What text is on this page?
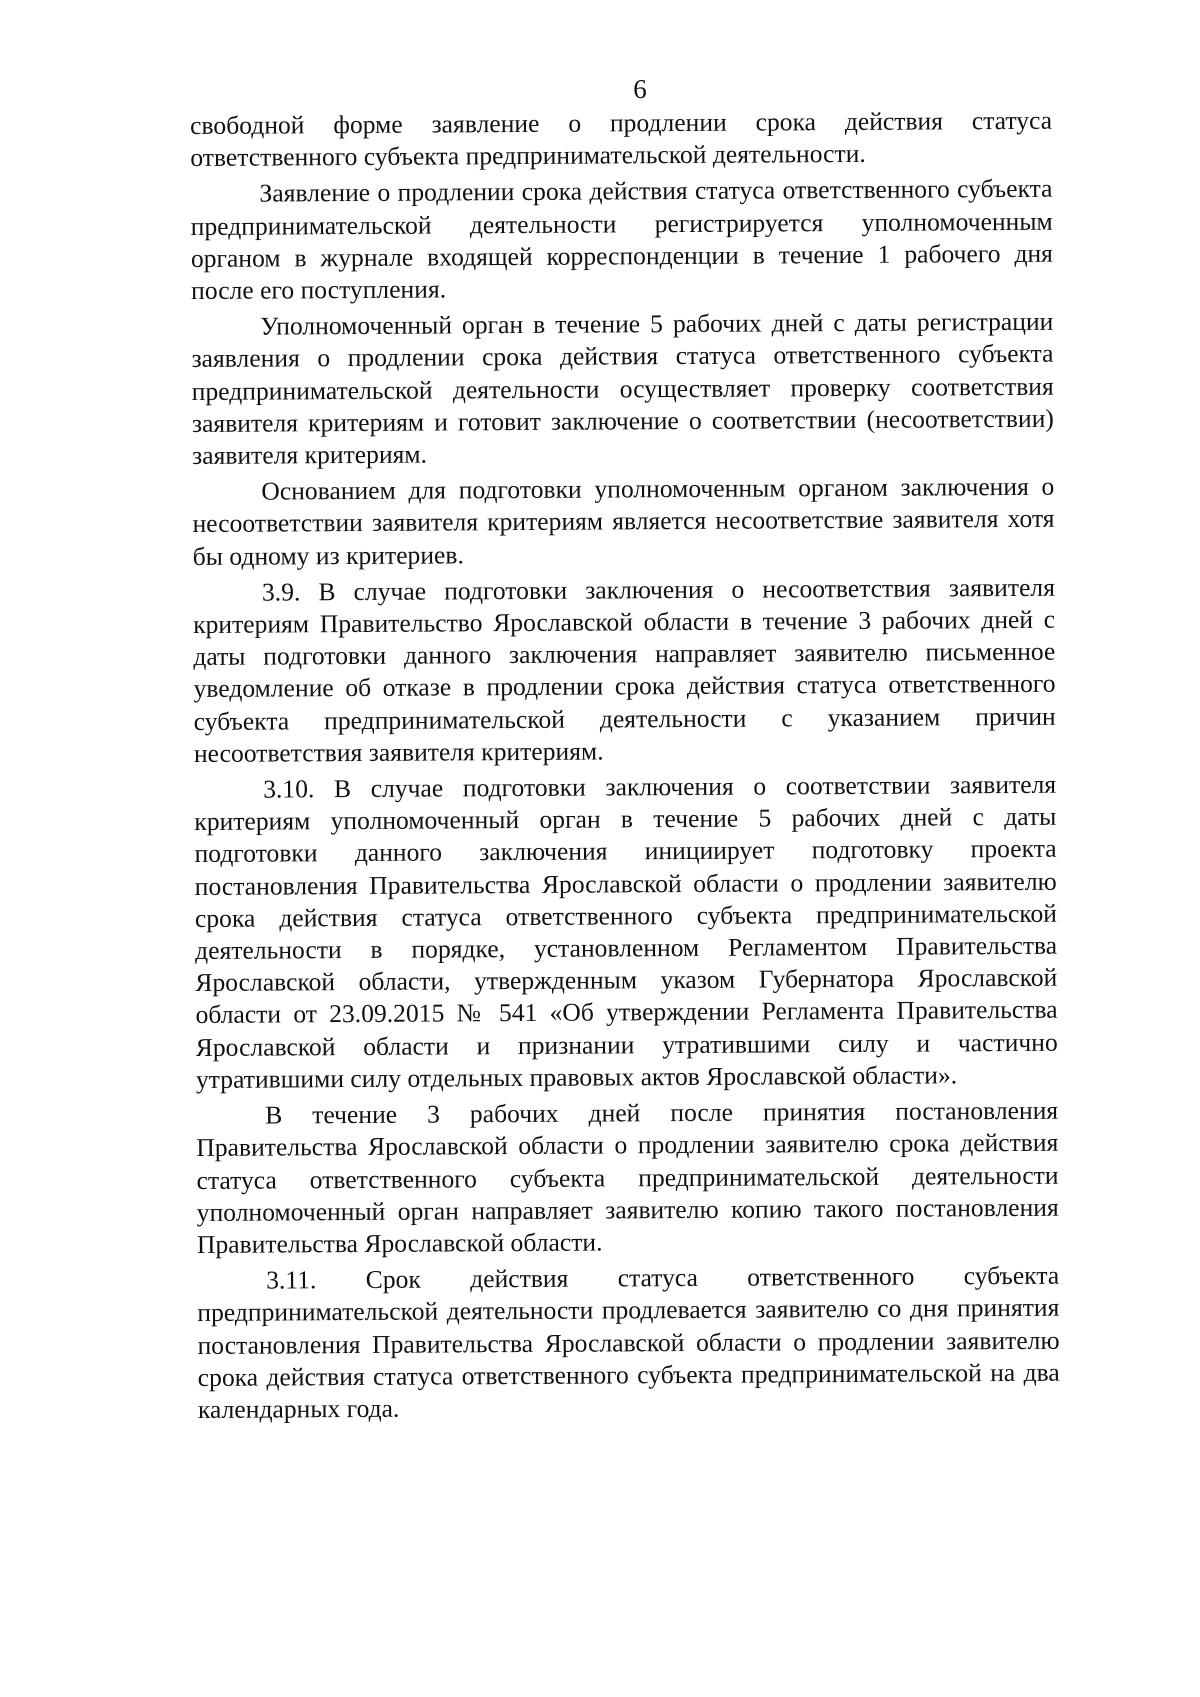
6

свободной форме заявление о продлении срока действия статуса ответственного субъекта предпринимательской деятельности.

Заявление о продлении срока действия статуса ответственного субъекта предпринимательской деятельности регистрируется уполномоченным органом в журнале входящей корреспонденции в течение 1 рабочего дня после его поступления.

Уполномоченный орган в течение 5 рабочих дней с даты регистрации заявления о продлении срока действия статуса ответственного субъекта предпринимательской деятельности осуществляет проверку соответствия заявителя критериям и готовит заключение о соответствии (несоответствии) заявителя критериям.

Основанием для подготовки уполномоченным органом заключения о несоответствии заявителя критериям является несоответствие заявителя хотя бы одному из критериев.

3.9. В случае подготовки заключения о несоответствия заявителя критериям Правительство Ярославской области в течение 3 рабочих дней с даты подготовки данного заключения направляет заявителю письменное уведомление об отказе в продлении срока действия статуса ответственного субъекта предпринимательской деятельности с указанием причин несоответствия заявителя критериям.

3.10. В случае подготовки заключения о соответствии заявителя критериям уполномоченный орган в течение 5 рабочих дней с даты подготовки данного заключения инициирует подготовку проекта постановления Правительства Ярославской области о продлении заявителю срока действия статуса ответственного субъекта предпринимательской деятельности в порядке, установленном Регламентом Правительства Ярославской области, утвержденным указом Губернатора Ярославской области от 23.09.2015 № 541 «Об утверждении Регламента Правительства Ярославской области и признании утратившими силу и частично утратившими силу отдельных правовых актов Ярославской области».

В течение 3 рабочих дней после принятия постановления Правительства Ярославской области о продлении заявителю срока действия статуса ответственного субъекта предпринимательской деятельности уполномоченный орган направляет заявителю копию такого постановления Правительства Ярославской области.

3.11. Срок действия статуса ответственного субъекта предпринимательской деятельности продлевается заявителю со дня принятия постановления Правительства Ярославской области о продлении заявителю срока действия статуса ответственного субъекта предпринимательской на два календарных года.
